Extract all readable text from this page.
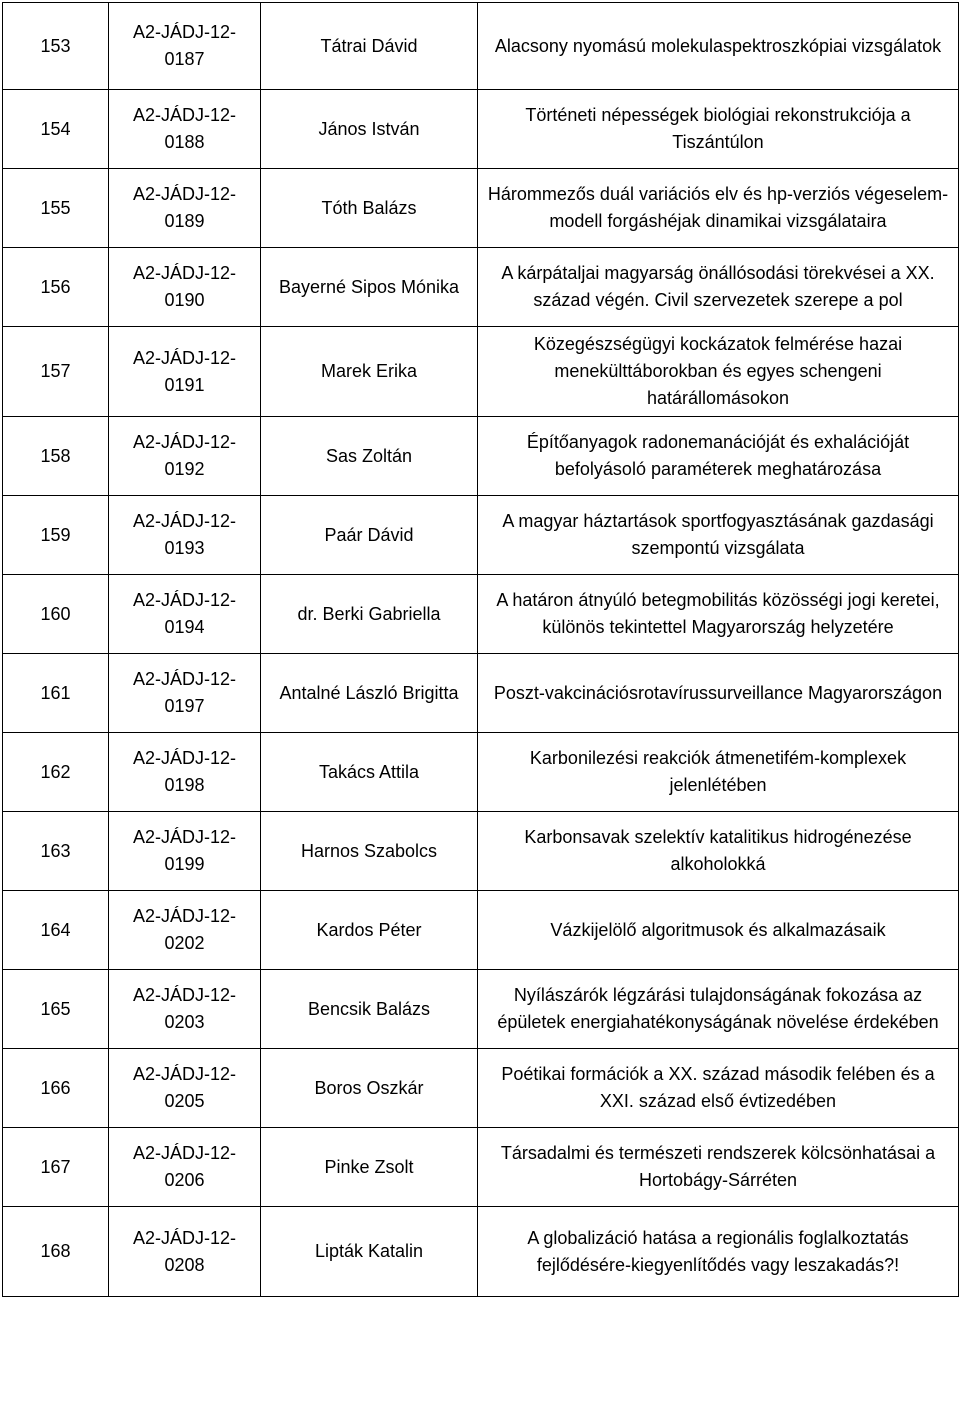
153	A2-JÁDJ-12-
0187	Tátrai Dávid	Alacsony nyomású molekulaspektroszkópiai vizsgálatok
154	A2-JÁDJ-12-
0188	János István	Történeti népességek biológiai rekonstrukciója a Tiszántúlon
155	A2-JÁDJ-12-
0189	Tóth Balázs	Hárommezős duál variációs elv és hp-verziós végeselem-modell forgáshéjak dinamikai vizsgálataira
156	A2-JÁDJ-12-
0190	Bayerné Sipos Mónika	A kárpátaljai magyarság önállósodási törekvései a XX. század végén. Civil szervezetek szerepe a pol
157	A2-JÁDJ-12-
0191	Marek Erika	Közegészségügyi kockázatok felmérése hazai menekülttáborokban és egyes schengeni határállomásokon
158	A2-JÁDJ-12-
0192	Sas Zoltán	Építőanyagok radonemanációját és exhalációját befolyásoló paraméterek meghatározása
159	A2-JÁDJ-12-
0193	Paár Dávid	A magyar háztartások sportfogyasztásának gazdasági szempontú vizsgálata
160	A2-JÁDJ-12-
0194	dr. Berki Gabriella	A határon átnyúló betegmobilitás közösségi jogi keretei, különös tekintettel Magyarország helyzetére
161	A2-JÁDJ-12-
0197	Antalné László Brigitta	Poszt-vakcinációsrotavírussurveillance Magyarországon
162	A2-JÁDJ-12-
0198	Takács Attila	Karbonilezési reakciók átmenetifém-komplexek jelenlétében
163	A2-JÁDJ-12-
0199	Harnos Szabolcs	Karbonsavak szelektív katalitikus hidrogénezése alkoholokká
164	A2-JÁDJ-12-
0202	Kardos Péter	Vázkijelölő algoritmusok és alkalmazásaik
165	A2-JÁDJ-12-
0203	Bencsik Balázs	Nyílászárók légzárási tulajdonságának fokozása az épületek energiahatékonyságának növelése érdekében
166	A2-JÁDJ-12-
0205	Boros Oszkár	Poétikai formációk a XX. század második felében és a XXI. század első évtizedében
167	A2-JÁDJ-12-
0206	Pinke Zsolt	Társadalmi és természeti rendszerek kölcsönhatásai a Hortobágy-Sárréten
168	A2-JÁDJ-12-
0208	Lipták Katalin	A globalizáció hatása a regionális foglalkoztatás fejlődésére-kiegyenlítődés vagy leszakadás?!
